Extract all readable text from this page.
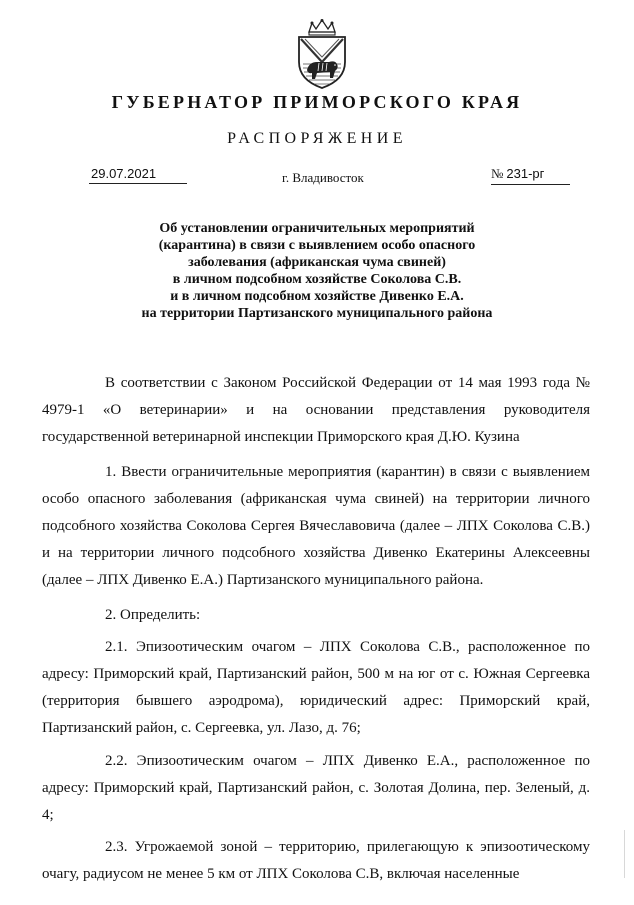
ГУБЕРНАТОР ПРИМОРСКОГО КРАЯ
РАСПОРЯЖЕНИЕ
29.07.2021	г. Владивосток	№ 231-рг
Об установлении ограничительных мероприятий
(карантина) в связи с выявлением особо опасного
заболевания (африканская чума свиней)
в личном подсобном хозяйстве Соколова С.В.
и в личном подсобном хозяйстве Дивенко Е.А.
на территории Партизанского муниципального района

В соответствии с Законом Российской Федерации от 14 мая 1993 года № 4979-1 «О ветеринарии» и на основании представления руководителя государственной ветеринарной инспекции Приморского края Д.Ю. Кузина

1. Ввести ограничительные мероприятия (карантин) в связи с выявлением особо опасного заболевания (африканская чума свиней) на территории личного подсобного хозяйства Соколова Сергея Вячеславовича (далее – ЛПХ Соколова С.В.) и на территории личного подсобного хозяйства Дивенко Екатерины Алексеевны (далее – ЛПХ Дивенко Е.А.) Партизанского муниципального района.

2. Определить:

2.1. Эпизоотическим очагом – ЛПХ Соколова С.В., расположенное по адресу: Приморский край, Партизанский район, 500 м на юг от с. Южная Сергеевка (территория бывшего аэродрома), юридический адрес: Приморский край, Партизанский район, с. Сергеевка, ул. Лазо, д. 76;

2.2. Эпизоотическим очагом – ЛПХ Дивенко Е.А., расположенное по адресу: Приморский край, Партизанский район, с. Золотая Долина, пер. Зеленый, д. 4;

2.3. Угрожаемой зоной – территорию, прилегающую к эпизоотическому очагу, радиусом не менее 5 км от ЛПХ Соколова С.В, включая населенные
